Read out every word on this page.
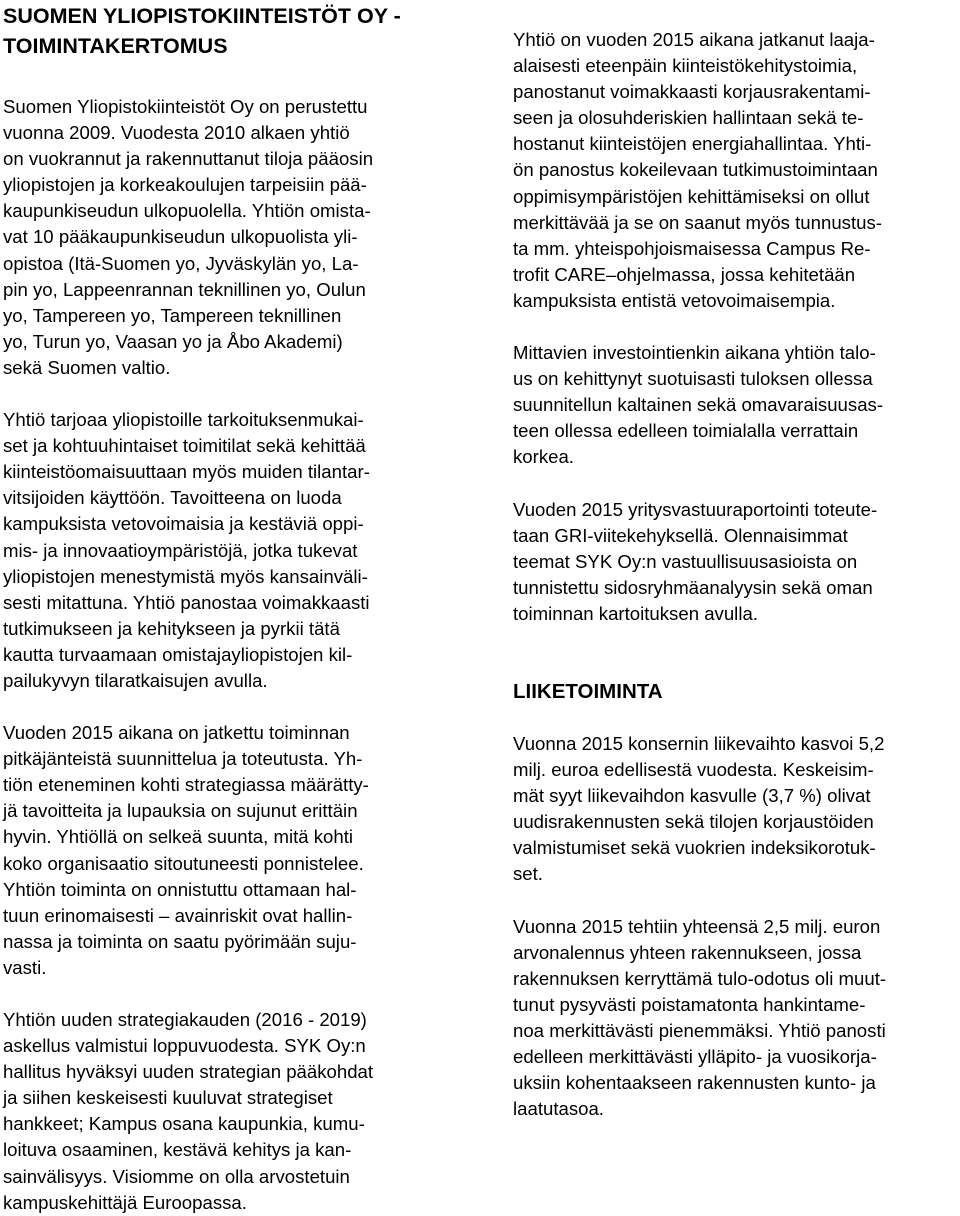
SUOMEN YLIOPISTOKIINTEISTÖT OY -
TOIMINTAKERTOMUS

Suomen Yliopistokiinteistöt Oy on perustettu
vuonna 2009. Vuodesta 2010 alkaen yhtiö
on vuokrannut ja rakennuttanut tiloja pääosin
yliopistojen ja korkeakoulujen tarpeisiin pää-
kaupunkiseudun ulkopuolella. Yhtiön omista-
vat 10 pääkaupunkiseudun ulkopuolista yli-
opistoa (Itä-Suomen yo, Jyväskylän yo, La-
pin yo, Lappeenrannan teknillinen yo, Oulun
yo, Tampereen yo, Tampereen teknillinen
yo, Turun yo, Vaasan yo ja Åbo Akademi)
sekä Suomen valtio.

Yhtiö tarjoaa yliopistoille tarkoituksenmukai-
set ja kohtuuhintaiset toimitilat sekä kehittää
kiinteistöomaisuuttaan myös muiden tilantar-
vitsijoiden käyttöön. Tavoitteena on luoda
kampuksista vetovoimaisia ja kestäviä oppi-
mis- ja innovaatioympäristöjä, jotka tukevat
yliopistojen menestymistä myös kansainväli-
sesti mitattuna. Yhtiö panostaa voimakkaasti
tutkimukseen ja kehitykseen ja pyrkii tätä
kautta turvaamaan omistajayliopistojen kil-
pailukyvyn tilaratkaisujen avulla.

Vuoden 2015 aikana on jatkettu toiminnan
pitkäjänteistä suunnittelua ja toteutusta. Yh-
tiön eteneminen kohti strategiassa määrätty-
jä tavoitteita ja lupauksia on sujunut erittäin
hyvin. Yhtiöllä on selkeä suunta, mitä kohti
koko organisaatio sitoutuneesti ponnistelee.
Yhtiön toiminta on onnistuttu ottamaan hal-
tuun erinomaisesti – avainriskit ovat hallin-
nassa ja toiminta on saatu pyörimään suju-
vasti.

Yhtiön uuden strategiakauden (2016 - 2019)
askellus valmistui loppuvuodesta. SYK Oy:n
hallitus hyväksyi uuden strategian pääkohdat
ja siihen keskeisesti kuuluvat strategiset
hankkeet; Kampus osana kaupunkia, kumu-
loituva osaaminen, kestävä kehitys ja kan-
sainvälisyys. Visiomme on olla arvostetuin
kampuskehittäjä Euroopassa.

Yhtiö on vuoden 2015 aikana jatkanut laaja-
alaisesti eteenpäin kiinteistökehitystoimia,
panostanut voimakkaasti korjausrakentami-
seen ja olosuhderiskien hallintaan sekä te-
hostanut kiinteistöjen energiahallintaa. Yhti-
ön panostus kokeilevaan tutkimustoimintaan
oppimisympäristöjen kehittämiseksi on ollut
merkittävää ja se on saanut myös tunnustus-
ta mm. yhteispohjoismaisessa Campus Re-
trofit CARE–ohjelmassa, jossa kehitetään
kampuksista entistä vetovoimaisempia.

Mittavien investointienkin aikana yhtiön talo-
us on kehittynyt suotuisasti tuloksen ollessa
suunnitellun kaltainen sekä omavaraisuusas-
teen ollessa edelleen toimialalla verrattain
korkea.

Vuoden 2015 yritysvastuuraportointi toteute-
taan GRI-viitekehyksellä. Olennaisimmat
teemat SYK Oy:n vastuullisuusasioista on
tunnistettu sidosryhmäanalyysin sekä oman
toiminnan kartoituksen avulla.

LIIKETOIMINTA

Vuonna 2015 konsernin liikevaihto kasvoi 5,2
milj. euroa edellisestä vuodesta. Keskeisim-
mät syyt liikevaihdon kasvulle (3,7 %) olivat
uudisrakennusten sekä tilojen korjaustöiden
valmistumiset sekä vuokrien indeksikorotuk-
set.

Vuonna 2015 tehtiin yhteensä 2,5 milj. euron
arvonalennus yhteen rakennukseen, jossa
rakennuksen kerryttämä tulo-odotus oli muut-
tunut pysyvästi poistamatonta hankintame-
noa merkittävästi pienemmäksi. Yhtiö panosti
edelleen merkittävästi ylläpito- ja vuosikorja-
uksiin kohentaakseen rakennusten kunto- ja
laatutasoa.
